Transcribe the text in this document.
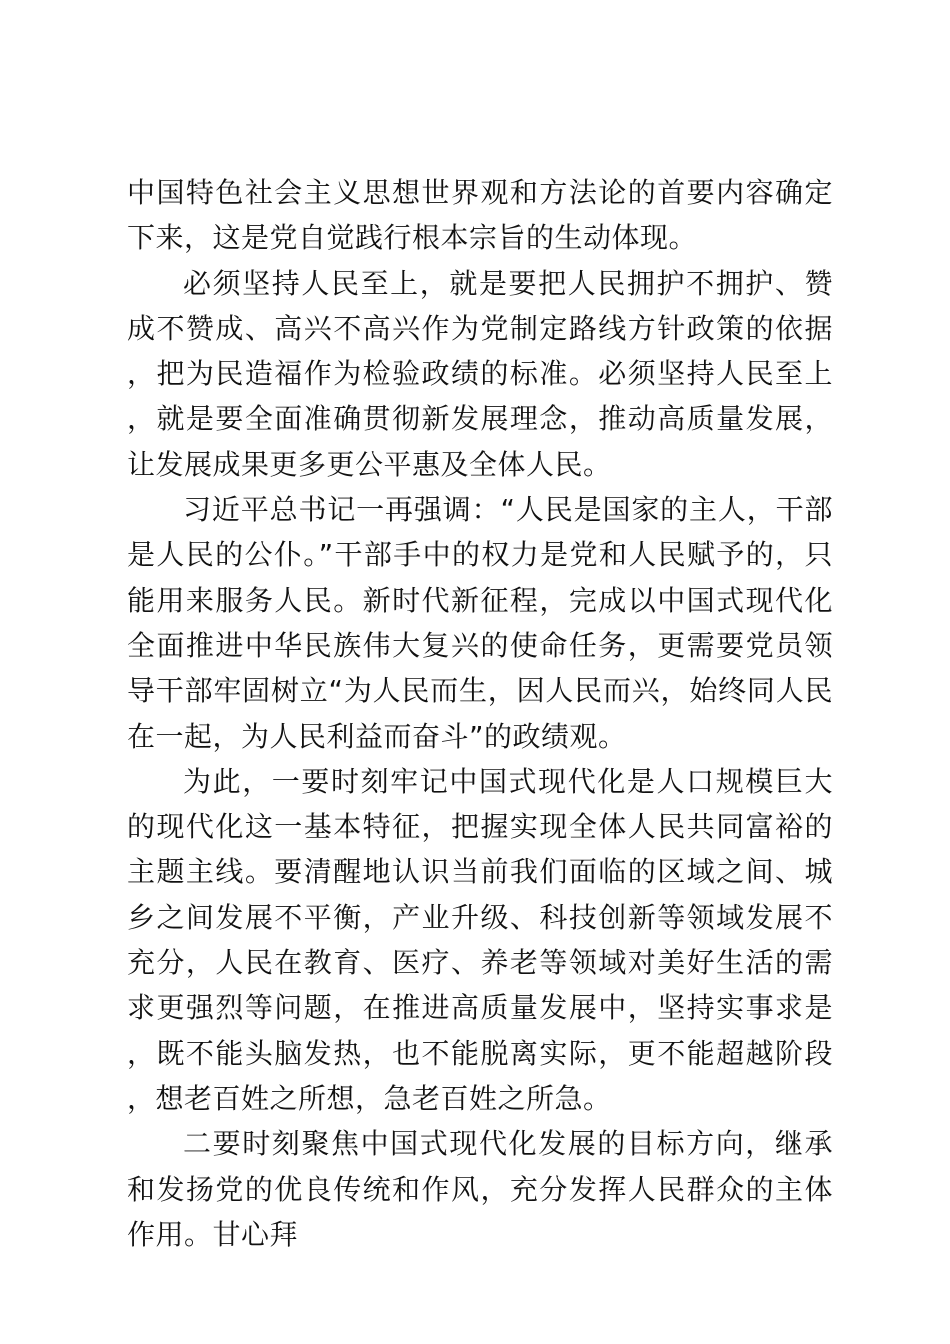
中国特色社会主义思想世界观和方法论的首要内容确定下来，这是党自觉践行根本宗旨的生动体现。

必须坚持人民至上，就是要把人民拥护不拥护、赞成不赞成、高兴不高兴作为党制定路线方针政策的依据，把为民造福作为检验政绩的标准。必须坚持人民至上，就是要全面准确贯彻新发展理念，推动高质量发展，让发展成果更多更公平惠及全体人民。

习近平总书记一再强调：“人民是国家的主人，干部是人民的公仆。”干部手中的权力是党和人民赋予的，只能用来服务人民。新时代新征程，完成以中国式现代化全面推进中华民族伟大复兴的使命任务，更需要党员领导干部牢固树立“为人民而生，因人民而兴，始终同人民在一起，为人民利益而奋斗”的政绩观。

为此，一要时刻牢记中国式现代化是人口规模巨大的现代化这一基本特征，把握实现全体人民共同富裕的主题主线。要清醒地认识当前我们面临的区域之间、城乡之间发展不平衡，产业升级、科技创新等领域发展不充分，人民在教育、医疗、养老等领域对美好生活的需求更强烈等问题，在推进高质量发展中，坚持实事求是，既不能头脑发热，也不能脱离实际，更不能超越阶段，想老百姓之所想，急老百姓之所急。

二要时刻聚焦中国式现代化发展的目标方向，继承和发扬党的优良传统和作风，充分发挥人民群众的主体作用。甘心拜
